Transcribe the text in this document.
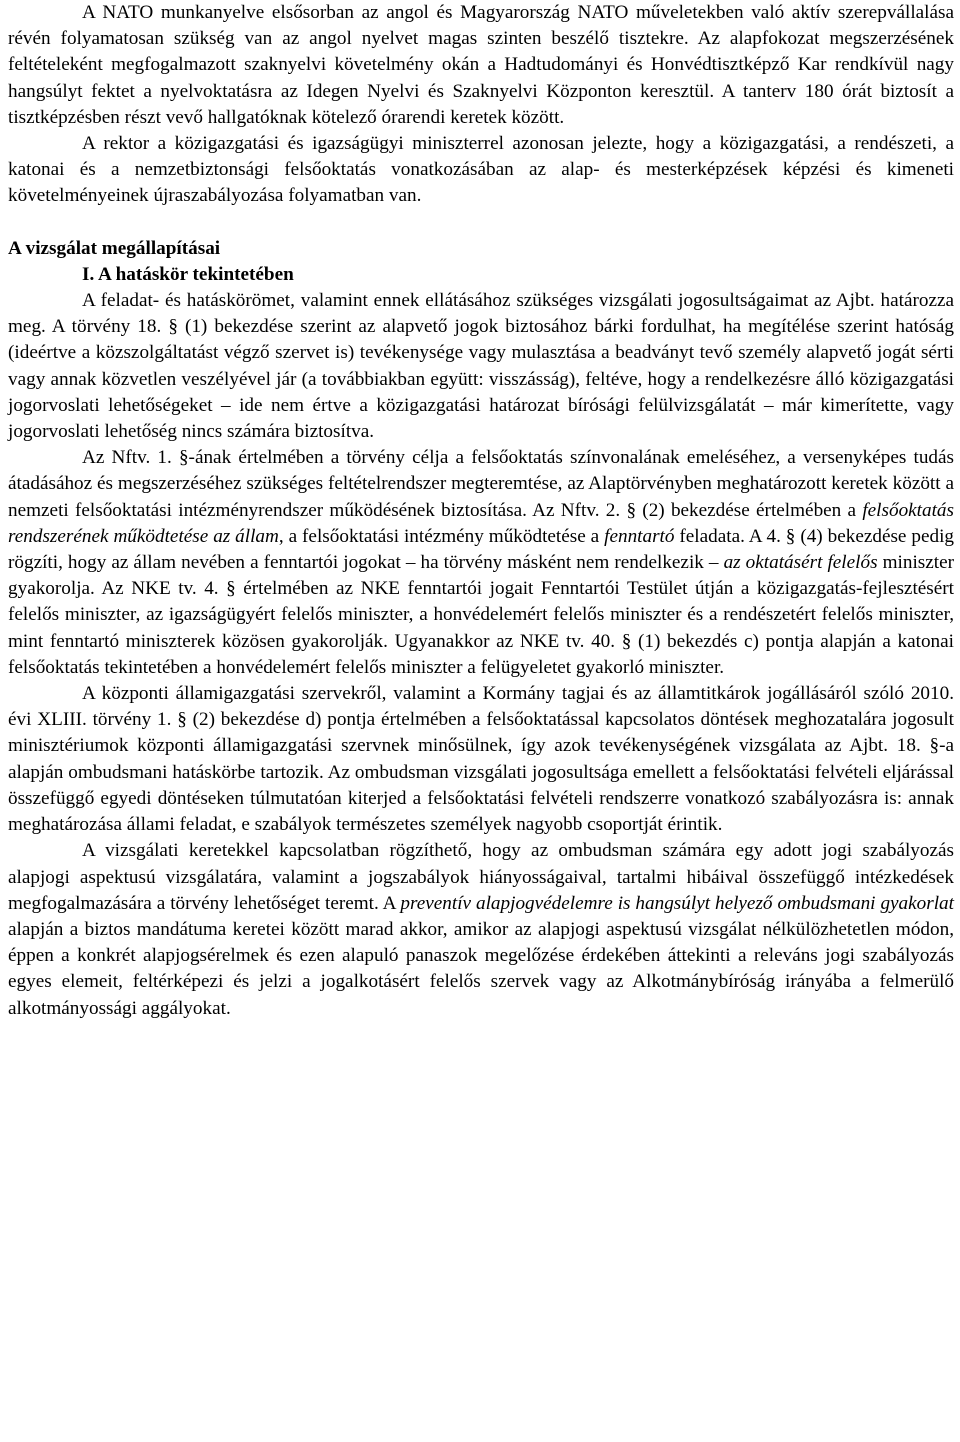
A NATO munkanyelve elsősorban az angol és Magyarország NATO műveletekben való aktív szerepvállalása révén folyamatosan szükség van az angol nyelvet magas szinten beszélő tisztekre. Az alapfokozat megszerzésének feltételeként megfogalmazott szaknyelvi követelmény okán a Hadtudományi és Honvédtisztképző Kar rendkívül nagy hangsúlyt fektet a nyelvoktatásra az Idegen Nyelvi és Szaknyelvi Központon keresztül. A tanterv 180 órát biztosít a tisztképzésben részt vevő hallgatóknak kötelező órarendi keretek között.

A rektor a közigazgatási és igazságügyi miniszterrel azonosan jelezte, hogy a közigazgatási, a rendészeti, a katonai és a nemzetbiztonsági felsőoktatás vonatkozásában az alap- és mesterképzések képzési és kimeneti követelményeinek újraszabályozása folyamatban van.

A vizsgálat megállapításai
I. A hatáskör tekintetében

A feladat- és hatáskörömet, valamint ennek ellátásához szükséges vizsgálati jogosultságaimat az Ajbt. határozza meg. A törvény 18. § (1) bekezdése szerint az alapvető jogok biztosához bárki fordulhat, ha megítélése szerint hatóság (ideértve a közszolgáltatást végző szervet is) tevékenysége vagy mulasztása a beadványt tevő személy alapvető jogát sérti vagy annak közvetlen veszélyével jár (a továbbiakban együtt: visszásság), feltéve, hogy a rendelkezésre álló közigazgatási jogorvoslati lehetőségeket – ide nem értve a közigazgatási határozat bírósági felülvizsgálatát – már kimerítette, vagy jogorvoslati lehetőség nincs számára biztosítva.

Az Nftv. 1. §-ának értelmében a törvény célja a felsőoktatás színvonalának emeléséhez, a versenyképes tudás átadásához és megszerzéséhez szükséges feltételrendszer megteremtése, az Alaptörvényben meghatározott keretek között a nemzeti felsőoktatási intézményrendszer működésének biztosítása. Az Nftv. 2. § (2) bekezdése értelmében a felsőoktatás rendszerének működtetése az állam, a felsőoktatási intézmény működtetése a fenntartó feladata. A 4. § (4) bekezdése pedig rögzíti, hogy az állam nevében a fenntartói jogokat – ha törvény másként nem rendelkezik – az oktatásért felelős miniszter gyakorolja. Az NKE tv. 4. § értelmében az NKE fenntartói jogait Fenntartói Testület útján a közigazgatás-fejlesztésért felelős miniszter, az igazságügyért felelős miniszter, a honvédelemért felelős miniszter és a rendészetért felelős miniszter, mint fenntartó miniszterek közösen gyakorolják. Ugyanakkor az NKE tv. 40. § (1) bekezdés c) pontja alapján a katonai felsőoktatás tekintetében a honvédelemért felelős miniszter a felügyeletet gyakorló miniszter.

A központi államigazgatási szervekről, valamint a Kormány tagjai és az államtitkárok jogállásáról szóló 2010. évi XLIII. törvény 1. § (2) bekezdése d) pontja értelmében a felsőoktatással kapcsolatos döntések meghozatalára jogosult minisztériumok központi államigazgatási szervnek minősülnek, így azok tevékenységének vizsgálata az Ajbt. 18. §-a alapján ombudsmani hatáskörbe tartozik. Az ombudsman vizsgálati jogosultsága emellett a felsőoktatási felvételi eljárással összefüggő egyedi döntéseken túlmutatóan kiterjed a felsőoktatási felvételi rendszerre vonatkozó szabályozásra is: annak meghatározása állami feladat, e szabályok természetes személyek nagyobb csoportját érintik.

A vizsgálati keretekkel kapcsolatban rögzíthető, hogy az ombudsman számára egy adott jogi szabályozás alapjogi aspektusú vizsgálatára, valamint a jogszabályok hiányosságaival, tartalmi hibáival összefüggő intézkedések megfogalmazására a törvény lehetőséget teremt. A preventív alapjogvédelemre is hangsúlyt helyező ombudsmani gyakorlat alapján a biztos mandátuma keretei között marad akkor, amikor az alapjogi aspektusú vizsgálat nélkülözhetetlen módon, éppen a konkrét alapjogsérelmek és ezen alapuló panaszok megelőzése érdekében áttekinti a releváns jogi szabályozás egyes elemeit, feltérképezi és jelzi a jogalkotásért felelős szervek vagy az Alkotmánybíróság irányába a felmerülő alkotmányossági aggályokat.
